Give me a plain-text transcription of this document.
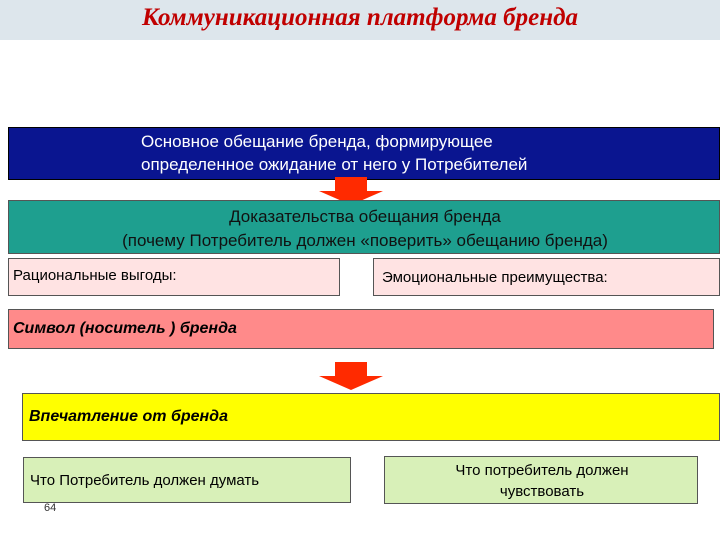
Коммуникационная платформа бренда
Основное обещание бренда, формирующее
определенное ожидание от него у Потребителей
Доказательства обещания бренда
(почему Потребитель должен «поверить» обещанию бренда)
Рациональные выгоды:	Эмоциональные преимущества:
Символ (носитель ) бренда
Впечатление от бренда
Что Потребитель должен думать
Что потребитель должен
чувствовать
64
